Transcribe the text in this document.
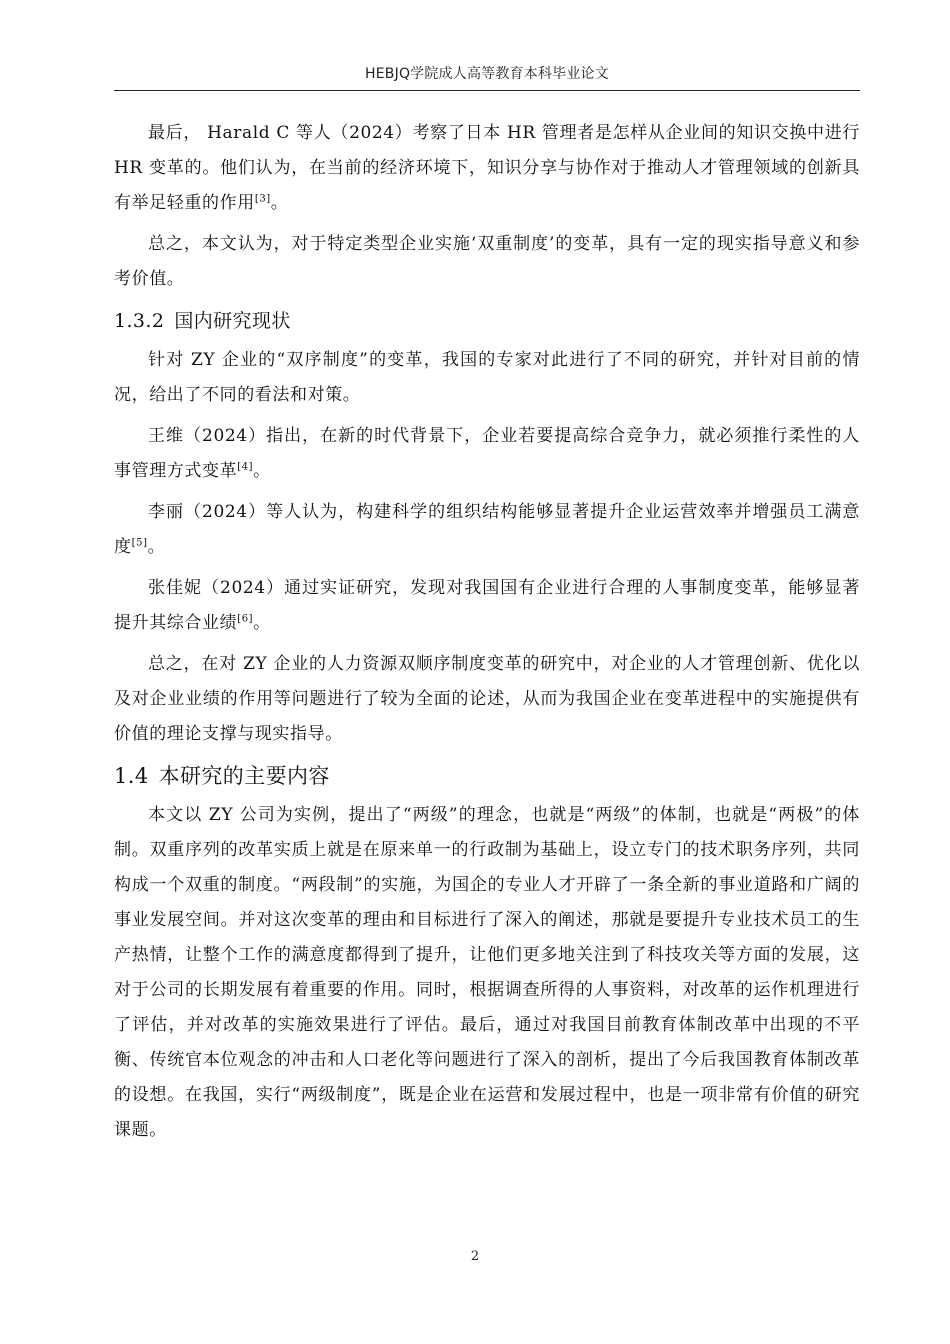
HEBJQ学院成人高等教育本科毕业论文

最后， Harald C 等人（2024）考察了日本 HR 管理者是怎样从企业间的知识交换中进行 HR 变革的。他们认为，在当前的经济环境下，知识分享与协作对于推动人才管理领域的创新具有举足轻重的作用[3]。

总之，本文认为，对于特定类型企业实施‘双重制度’的变革，具有一定的现实指导意义和参考价值。

1.3.2 国内研究现状

针对 ZY 企业的“双序制度”的变革，我国的专家对此进行了不同的研究，并针对目前的情况，给出了不同的看法和对策。

王维（2024）指出，在新的时代背景下，企业若要提高综合竞争力，就必须推行柔性的人事管理方式变革[4]。

李丽（2024）等人认为，构建科学的组织结构能够显著提升企业运营效率并增强员工满意度[5]。

张佳妮（2024）通过实证研究，发现对我国国有企业进行合理的人事制度变革，能够显著提升其综合业绩[6]。

总之，在对 ZY 企业的人力资源双顺序制度变革的研究中，对企业的人才管理创新、优化以及对企业业绩的作用等问题进行了较为全面的论述，从而为我国企业在变革进程中的实施提供有价值的理论支撑与现实指导。

1.4 本研究的主要内容

本文以 ZY 公司为实例，提出了“两级”的理念，也就是“两级”的体制，也就是“两极”的体制。双重序列的改革实质上就是在原来单一的行政制为基础上，设立专门的技术职务序列，共同构成一个双重的制度。“两段制”的实施，为国企的专业人才开辟了一条全新的事业道路和广阔的事业发展空间。并对这次变革的理由和目标进行了深入的阐述，那就是要提升专业技术员工的生产热情，让整个工作的满意度都得到了提升，让他们更多地关注到了科技攻关等方面的发展，这对于公司的长期发展有着重要的作用。同时，根据调查所得的人事资料，对改革的运作机理进行了评估，并对改革的实施效果进行了评估。最后，通过对我国目前教育体制改革中出现的不平衡、传统官本位观念的冲击和人口老化等问题进行了深入的剖析，提出了今后我国教育体制改革的设想。在我国，实行“两级制度”，既是企业在运营和发展过程中，也是一项非常有价值的研究课题。

2
